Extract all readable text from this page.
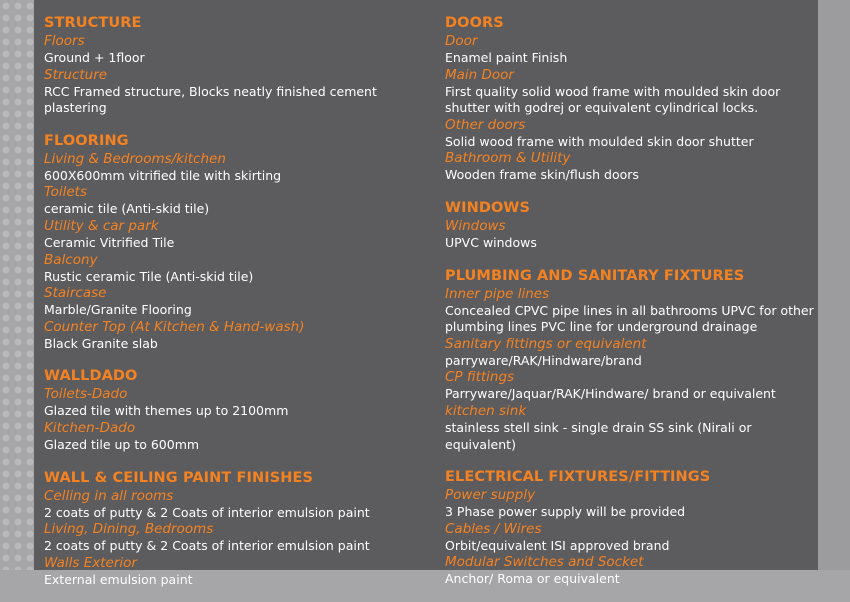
STRUCTURE
Floors
Ground + 1floor
Structure
RCC Framed structure, Blocks neatly finished cement plastering
FLOORING
Living & Bedrooms/kitchen
600X600mm vitrified tile with skirting
Toilets
ceramic tile (Anti-skid tile)
Utility & car park
Ceramic Vitrified Tile
Balcony
Rustic ceramic Tile (Anti-skid tile)
Staircase
Marble/Granite Flooring
Counter Top (At Kitchen & Hand-wash)
Black Granite slab
WALLDADO
Toilets-Dado
Glazed tile with themes up to 2100mm
Kitchen-Dado
Glazed tile up to 600mm
WALL & CEILING PAINT FINISHES
Celling in all rooms
2 coats of putty & 2 Coats of interior emulsion paint
Living, Dining, Bedrooms
2 coats of putty & 2 Coats of interior emulsion paint
Walls Exterior
External emulsion paint
DOORS
Door
Enamel paint Finish
Main Door
First quality solid wood frame with moulded skin door
shutter with godrej or equivalent cylindrical locks.
Other doors
Solid wood frame with moulded skin door shutter
Bathroom & Utility
Wooden frame skin/flush doors
WINDOWS
Windows
UPVC windows
PLUMBING AND SANITARY FIXTURES
Inner pipe lines
Concealed CPVC pipe lines in all bathrooms UPVC for other
plumbing lines PVC line for underground drainage
Sanitary fittings or equivalent
parryware/RAK/Hindware/brand
CP fittings
Parryware/Jaquar/RAK/Hindware/ brand or equivalent
kitchen sink
stainless stell sink - single drain SS sink (Nirali or equivalent)
ELECTRICAL FIXTURES/FITTINGS
Power supply
3 Phase power supply will be provided
Cables / Wires
Orbit/equivalent ISI approved brand
Modular Switches and Socket
Anchor/ Roma or equivalent
